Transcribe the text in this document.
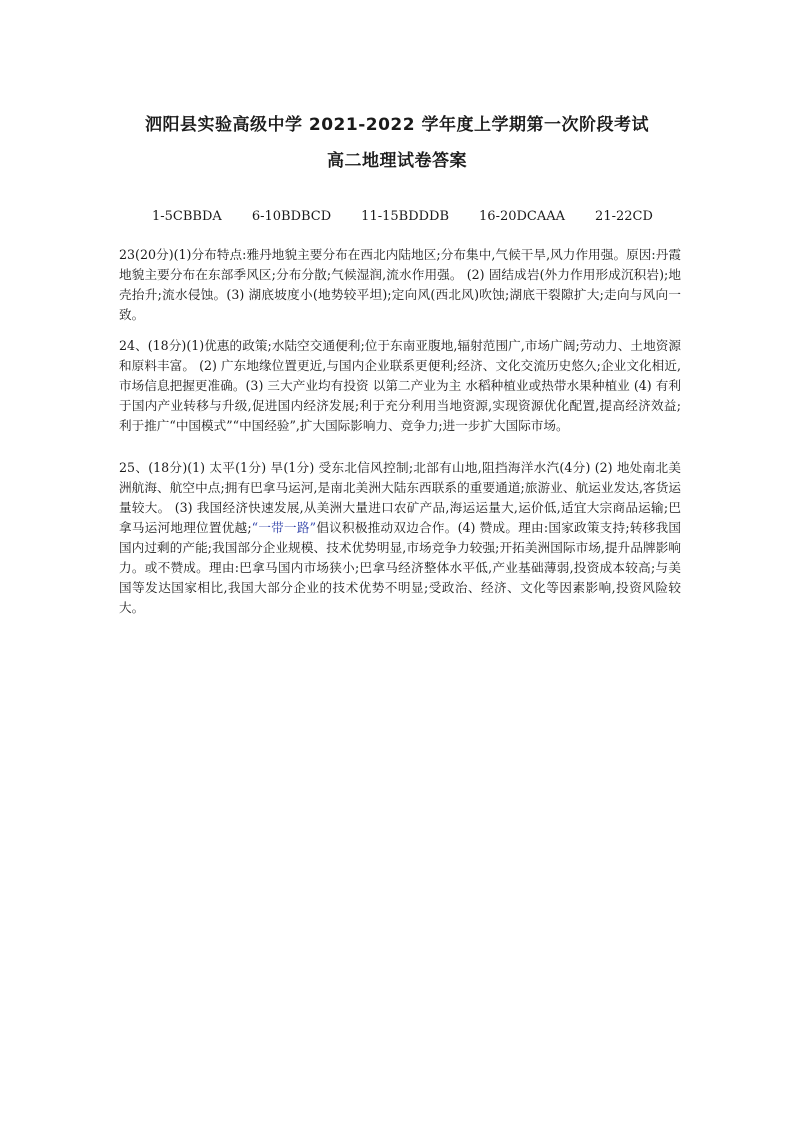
泗阳县实验高级中学 2021-2022 学年度上学期第一次阶段考试
高二地理试卷答案
1-5CBBDA 6-10BDBCD 11-15BDDDB 16-20DCAAA 21-22CD
23(20分)(1)分布特点:雅丹地貌主要分布在西北内陆地区;分布集中,气候干旱,风力作用强。原因:丹霞地貌主要分布在东部季风区;分布分散;气候湿润,流水作用强。 (2) 固结成岩(外力作用形成沉积岩);地壳抬升;流水侵蚀。(3) 湖底坡度小(地势较平坦);定向风(西北风)吹蚀;湖底干裂隙扩大;走向与风向一致。
24、(18分)(1)优惠的政策;水陆空交通便利;位于东南亚腹地,辐射范围广,市场广阔;劳动力、土地资源和原料丰富。 (2) 广东地缘位置更近,与国内企业联系更便利;经济、文化交流历史悠久;企业文化相近,市场信息把握更准确。(3) 三大产业均有投资 以第二产业为主 水稻种植业或热带水果种植业 (4) 有利于国内产业转移与升级,促进国内经济发展;利于充分利用当地资源,实现资源优化配置,提高经济效益;利于推广“中国模式”“中国经验”,扩大国际影响力、竞争力;进一步扩大国际市场。
25、(18分)(1) 太平(1分) 旱(1分) 受东北信风控制;北部有山地,阻挡海洋水汽(4分) (2) 地处南北美洲航海、航空中点;拥有巴拿马运河,是南北美洲大陆东西联系的重要通道;旅游业、航运业发达,客货运量较大。 (3) 我国经济快速发展,从美洲大量进口农矿产品,海运运量大,运价低,适宜大宗商品运输;巴拿马运河地理位置优越;“一带一路”倡议积极推动双边合作。(4) 赞成。理由:国家政策支持;转移我国国内过剩的产能;我国部分企业规模、技术优势明显,市场竞争力较强;开拓美洲国际市场,提升品牌影响力。或不赞成。理由:巴拿马国内市场狭小;巴拿马经济整体水平低,产业基础薄弱,投资成本较高;与美国等发达国家相比,我国大部分企业的技术优势不明显;受政治、经济、文化等因素影响,投资风险较大。
